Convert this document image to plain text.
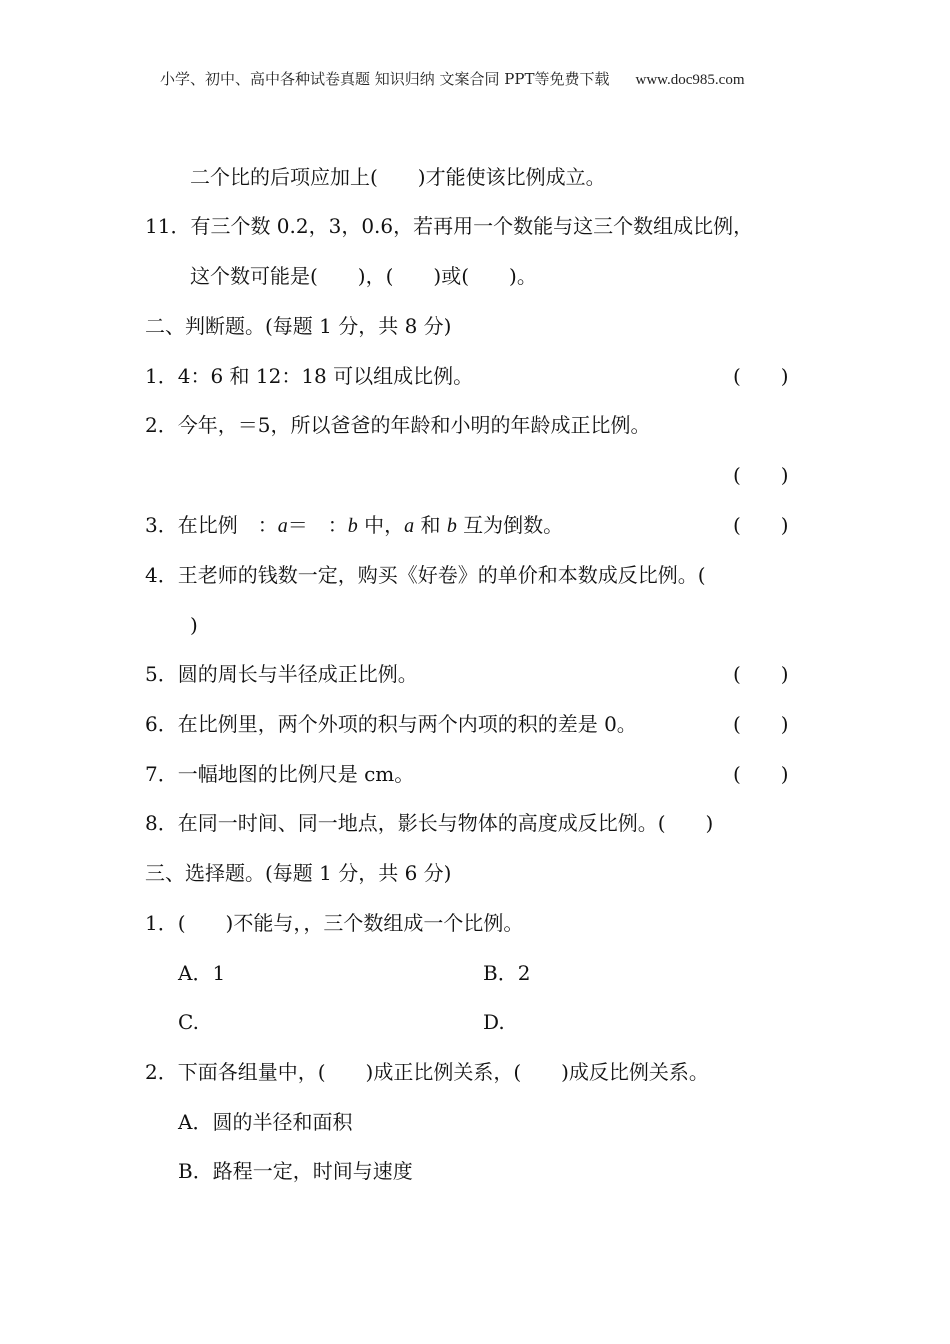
小学、初中、高中各种试卷真题 知识归纳 文案合同 PPT等免费下载 www.doc985.com
二个比的后项应加上(　　)才能使该比例成立。
11．有三个数 0.2，3，0.6，若再用一个数能与这三个数组成比例，
这个数可能是(　　)，(　　)或(　　)。
二、判断题。(每题 1 分，共 8 分)
1．4：6 和 12：18 可以组成比例。	(　　)
2．今年，＝5，所以爸爸的年龄和小明的年龄成正比例。
(　　)
3．在比例　：a＝　：b 中，a 和 b 互为倒数。	(　　)
4．王老师的钱数一定，购买《好卷》的单价和本数成反比例。(
)
5．圆的周长与半径成正比例。	(　　)
6．在比例里，两个外项的积与两个内项的积的差是 0。	(　　)
7．一幅地图的比例尺是 cm。	(　　)
8．在同一时间、同一地点，影长与物体的高度成反比例。(　　)
三、选择题。(每题 1 分，共 6 分)
1．(　　)不能与，，三个数组成一个比例。
A．1	B．2
C.	D.
2．下面各组量中，(　　)成正比例关系，(　　)成反比例关系。
A．圆的半径和面积
B．路程一定，时间与速度
